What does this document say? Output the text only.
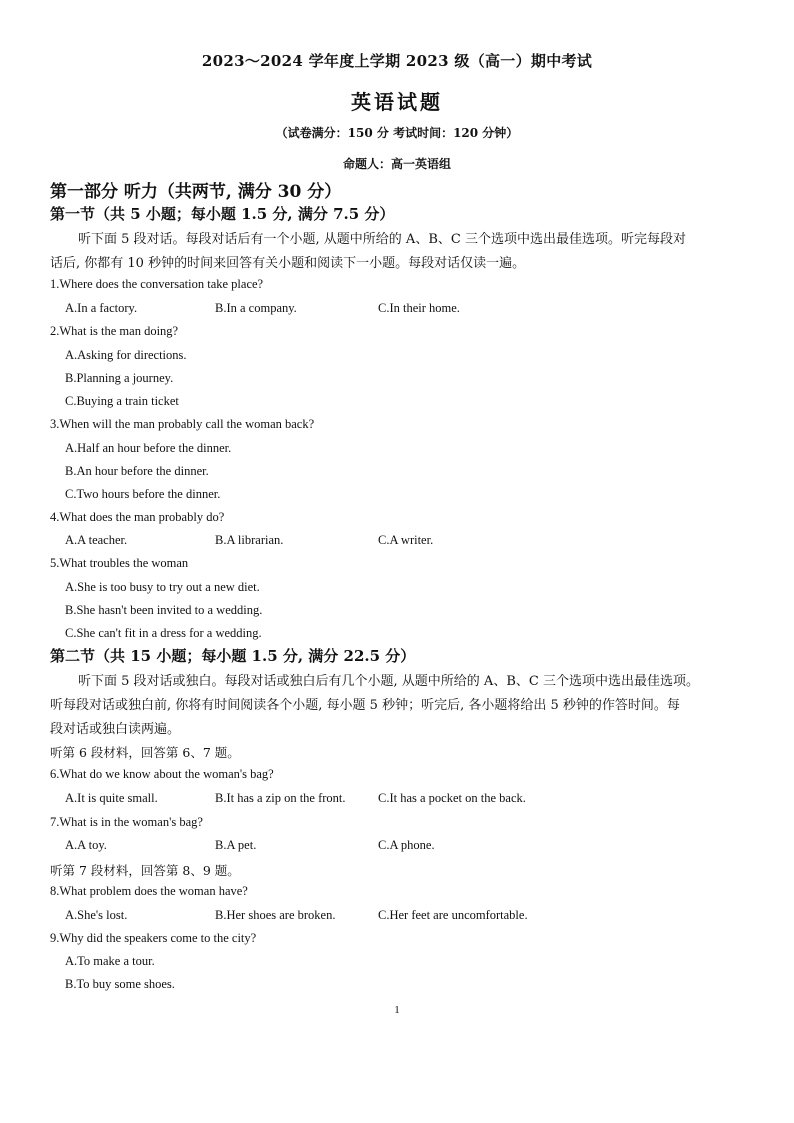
2023～2024 学年度上学期 2023 级（高一）期中考试
英语试题
（试卷满分：150 分 考试时间：120 分钟）
命题人：高一英语组
第一部分 听力（共两节, 满分 30 分）
第一节（共 5 小题；每小题 1.5 分, 满分 7.5 分）
听下面 5 段对话。每段对话后有一个小题, 从题中所给的 A、B、C 三个选项中选出最佳选项。听完每段对
话后, 你都有 10 秒钟的时间来回答有关小题和阅读下一小题。每段对话仅读一遍。
1.Where does the conversation take place?
A.In a factory.	B.In a company.	C.In their home.
2.What is the man doing?
A.Asking for directions.
B.Planning a journey.
C.Buying a train ticket
3.When will the man probably call the woman back?
A.Half an hour before the dinner.
B.An hour before the dinner.
C.Two hours before the dinner.
4.What does the man probably do?
A.A teacher.	B.A librarian.	C.A writer.
5.What troubles the woman
A.She is too busy to try out a new diet.
B.She hasn't been invited to a wedding.
C.She can't fit in a dress for a wedding.
第二节（共 15 小题；每小题 1.5 分, 满分 22.5 分）
听下面 5 段对话或独白。每段对话或独白后有几个小题, 从题中所给的 A、B、C 三个选项中选出最佳选项。
听每段对话或独白前, 你将有时间阅读各个小题, 每小题 5 秒钟；听完后, 各小题将给出 5 秒钟的作答时间。每
段对话或独白读两遍。
听第 6 段材料，回答第 6、7 题。
6.What do we know about the woman's bag?
A.It is quite small.	B.It has a zip on the front.	C.It has a pocket on the back.
7.What is in the woman's bag?
A.A toy.	B.A pet.	C.A phone.
听第 7 段材料，回答第 8、9 题。
8.What problem does the woman have?
A.She's lost.	B.Her shoes are broken.	C.Her feet are uncomfortable.
9.Why did the speakers come to the city?
A.To make a tour.
B.To buy some shoes.
1
